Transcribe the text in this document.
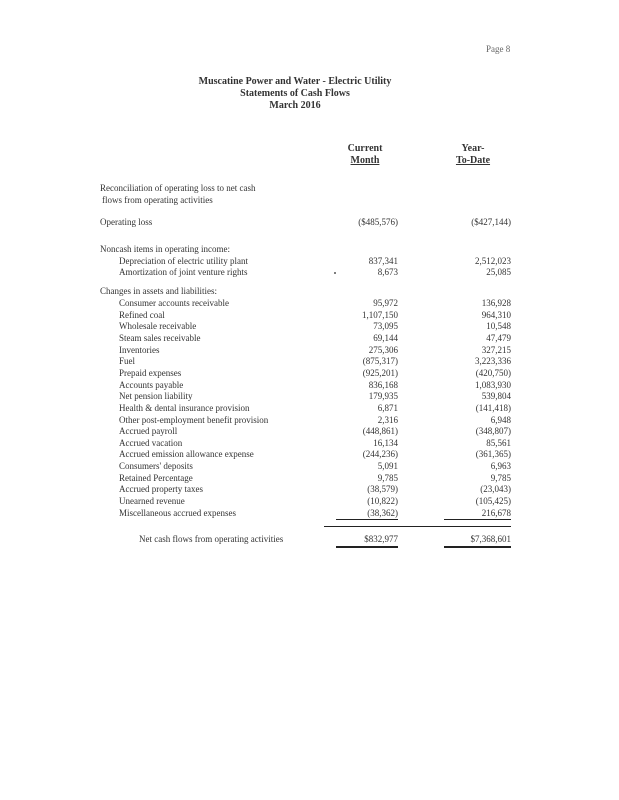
Page 8
Muscatine Power and Water - Electric Utility
Statements of Cash Flows
March 2016
Current
Month
Year-
To-Date
Reconciliation of operating loss to net cash
flows from operating activities
Operating loss	($485,576)	($427,144)
Noncash items in operating income:
Depreciation of electric utility plant	837,341	2,512,023
Amortization of joint venture rights	8,673	25,085
Changes in assets and liabilities:
Consumer accounts receivable	95,972	136,928
Refined coal	1,107,150	964,310
Wholesale receivable	73,095	10,548
Steam sales receivable	69,144	47,479
Inventories	275,306	327,215
Fuel	(875,317)	3,223,336
Prepaid expenses	(925,201)	(420,750)
Accounts payable	836,168	1,083,930
Net pension liability	179,935	539,804
Health & dental insurance provision	6,871	(141,418)
Other post-employment benefit provision	2,316	6,948
Accrued payroll	(448,861)	(348,807)
Accrued vacation	16,134	85,561
Accrued emission allowance expense	(244,236)	(361,365)
Consumers' deposits	5,091	6,963
Retained Percentage	9,785	9,785
Accrued property taxes	(38,579)	(23,043)
Unearned revenue	(10,822)	(105,425)
Miscellaneous accrued expenses	(38,362)	216,678
Net cash flows from operating activities	$832,977	$7,368,601
